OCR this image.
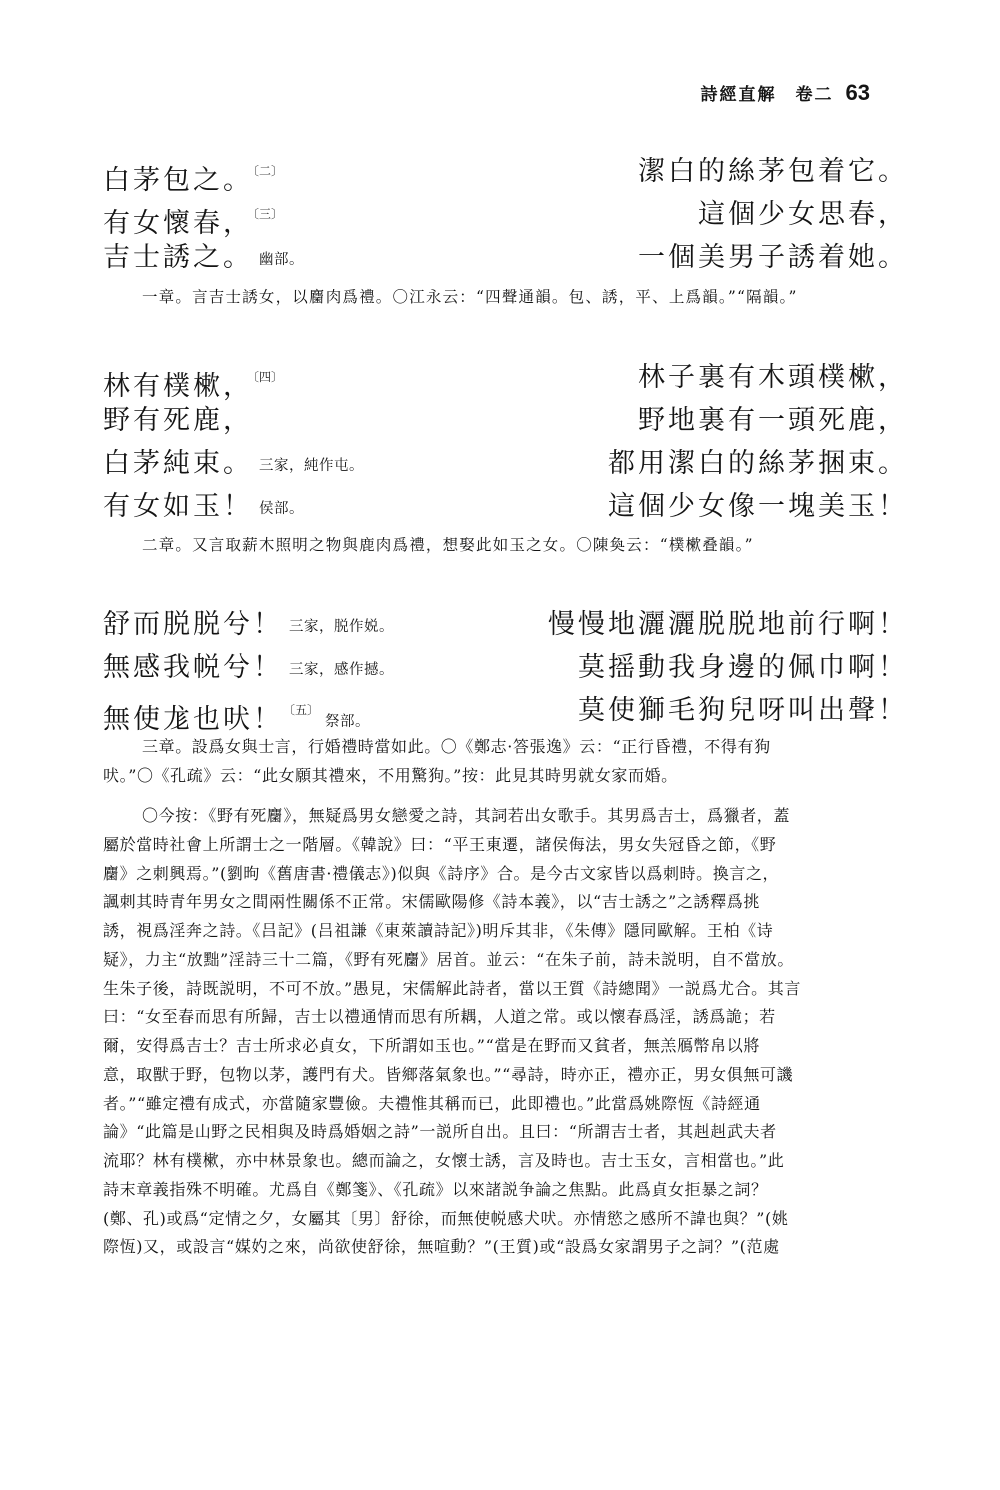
詩經直解　卷二 63
白茅包之。$^{〔二〕}$	潔白的絲茅包着它。
有女懷春，$^{〔三〕}$	這個少女思春，
吉士誘之。 幽部。	一個美男子誘着她。
一章。言吉士誘女，以麕肉爲禮。〇江永云：“四聲通韻。包、誘，平、上爲韻。”“隔韻。”
林有樸樕，$^{〔四〕}$	林子裏有木頭樸樕，
野有死鹿，	野地裏有一頭死鹿，
白茅純束。 三家，純作屯。	都用潔白的絲茅捆束。
有女如玉！ 侯部。	這個少女像一塊美玉！
二章。又言取薪木照明之物與鹿肉爲禮，想娶此如玉之女。〇陳奐云：“樸樕叠韻。”
舒而脱脱兮！ 三家，脱作娧。	慢慢地灑灑脱脱地前行啊！
無感我帨兮！ 三家，感作撼。	莫摇動我身邊的佩巾啊！
無使尨也吠！$^{〔五〕}$祭部。	莫使獅毛狗兒呀叫出聲！
三章。設爲女與士言，行婚禮時當如此。〇《鄭志·答張逸》云：“正行昏禮，不得有狗
吠。”〇《孔疏》云：“此女願其禮來，不用驚狗。”按：此見其時男就女家而婚。
〇今按：《野有死麕》，無疑爲男女戀愛之詩，其詞若出女歌手。其男爲吉士，爲獵者，蓋
屬於當時社會上所謂士之一階層。《韓說》曰：“平王東遷，諸侯侮法，男女失冠昏之節，《野
麕》之刺興焉。”(劉昫《舊唐書·禮儀志》)似與《詩序》合。是今古文家皆以爲刺時。換言之，
諷刺其時青年男女之間兩性關係不正常。宋儒歐陽修《詩本義》，以“吉士誘之”之誘釋爲挑
誘，視爲淫奔之詩。《吕記》(吕祖謙《東萊讀詩記》)明斥其非，《朱傳》隱同歐解。王柏《诗
疑》，力主“放黜”淫詩三十二篇，《野有死麕》居首。並云：“在朱子前，詩未説明，自不當放。
生朱子後，詩既説明，不可不放。”愚見，宋儒解此詩者，當以王質《詩總聞》一説爲尤合。其言
曰：“女至春而思有所歸，吉士以禮通情而思有所耦，人道之常。或以懷春爲淫，誘爲詭；若
爾，安得爲吉士？吉士所求必貞女，下所謂如玉也。”“當是在野而又貧者，無羔鴈幣帛以將
意，取獸于野，包物以茅，護門有犬。皆鄉落氣象也。”“尋詩，時亦正，禮亦正，男女俱無可譏
者。”“雖定禮有成式，亦當隨家豐儉。夫禮惟其稱而已，此即禮也。”此當爲姚際恆《詩經通
論》“此篇是山野之民相與及時爲婚姻之詩”一説所自出。且曰：“所謂吉士者，其赳赳武夫者
流耶？林有樸樕，亦中林景象也。總而論之，女懷士誘，言及時也。吉士玉女，言相當也。”此
詩末章義指殊不明確。尤爲自《鄭箋》、《孔疏》以來諸説争論之焦點。此爲貞女拒暴之詞？
(鄭、孔)或爲“定情之夕，女屬其〔男〕舒徐，而無使帨感犬吠。亦情慾之感所不諱也與？”(姚
際恆)又，或設言“媒妁之來，尚欲使舒徐，無喧動？”(王質)或“設爲女家謂男子之詞？”(范處
